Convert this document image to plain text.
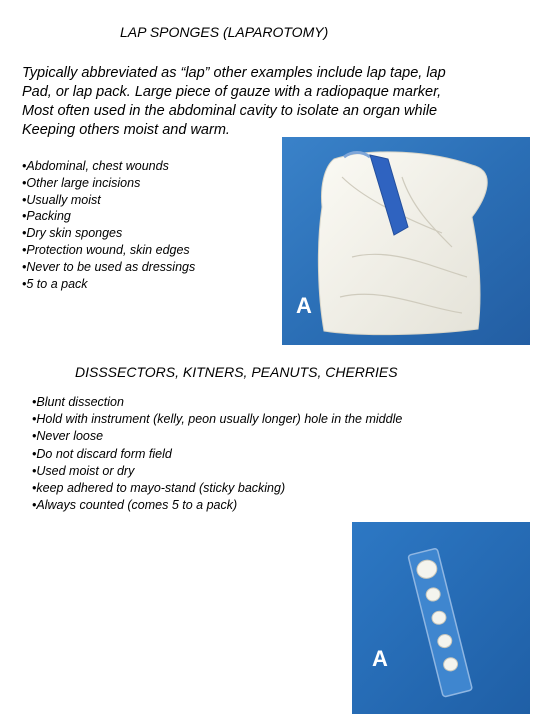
LAP SPONGES (LAPAROTOMY)
Typically abbreviated as “lap” other examples include lap tape, lap
Pad, or lap pack. Large piece of gauze with a radiopaque marker,
Most often used in the abdominal cavity to isolate an organ while
Keeping others moist and warm.
•Abdominal, chest wounds
•Other large incisions
•Usually moist
•Packing
•Dry skin sponges
•Protection wound, skin edges
•Never to be used as dressings
•5 to a pack
A
DISSSECTORS, KITNERS, PEANUTS, CHERRIES
•Blunt dissection
•Hold with instrument (kelly, peon usually longer) hole in the middle
•Never loose
•Do not discard form field
•Used moist or dry
•keep adhered to mayo-stand (sticky backing)
•Always counted (comes 5 to a pack)
A
